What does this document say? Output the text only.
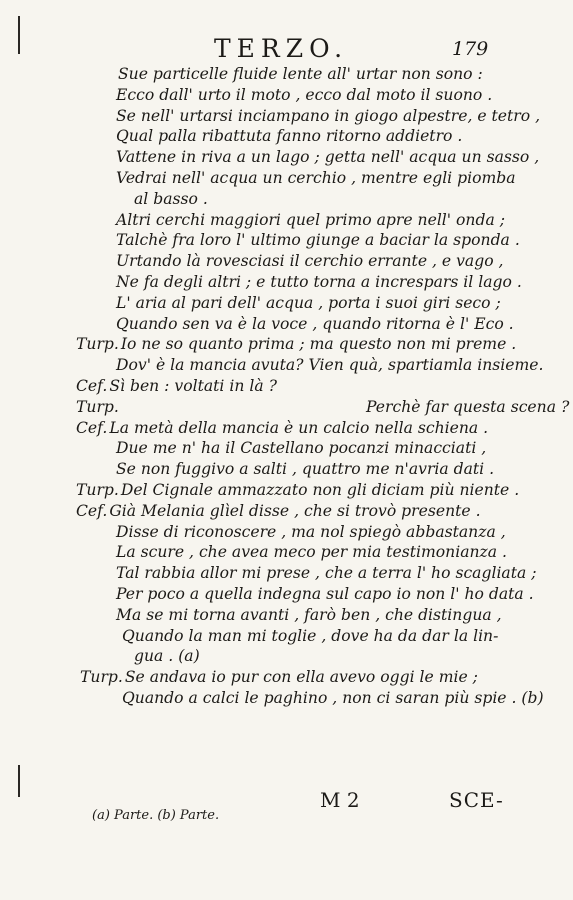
TERZO.	179
Sue particelle fluide lente all' urtar non sono :
Ecco dall' urto il moto , ecco dal moto il suono .
Se nell' urtarsi inciampano in giogo alpestre, e tetro ,
Qual palla ribattuta fanno ritorno addietro .
Vattene in riva a un lago ; getta nell' acqua un sasso ,
Vedrai nell' acqua un cerchio , mentre egli piomba
al basso .
Altri cerchi maggiori quel primo apre nell' onda ;
Talchè fra loro l' ultimo giunge a baciar la sponda .
Urtando là rovesciasi il cerchio errante , e vago ,
Ne fa degli altri ; e tutto torna a increspars il lago .
L' aria al pari dell' acqua , porta i suoi giri seco ;
Quando sen va è la voce , quando ritorna è l' Eco .
Turp. Io ne so quanto prima ; ma questo non mi preme .
Dov' è la mancia avuta? Vien quà, spartiamla insieme.
Cef. Sì ben : voltati in là ?
Turp.	Perchè far questa scena ?
Cef. La metà della mancia è un calcio nella schiena .
Due me n' ha il Castellano pocanzi minacciati ,
Se non fuggivo a salti , quattro me n'avria dati .
Turp. Del Cignale ammazzato non gli diciam più niente .
Cef. Già Melania glìel disse , che si trovò presente .
Disse di riconoscere , ma nol spiegò abbastanza ,
La scure , che avea meco per mia testimonianza .
Tal rabbia allor mi prese , che a terra l' ho scagliata ;
Per poco a quella indegna sul capo io non l' ho data .
Ma se mi torna avanti , farò ben , che distingua ,
Quando la man mi toglie , dove ha da dar la lin-
gua . (a)
Turp. Se andava io pur con ella avevo oggi le mie ;
Quando a calci le paghino , non ci saran più spie . (b)
M 2	SCE-
(a) Parte. (b) Parte.
